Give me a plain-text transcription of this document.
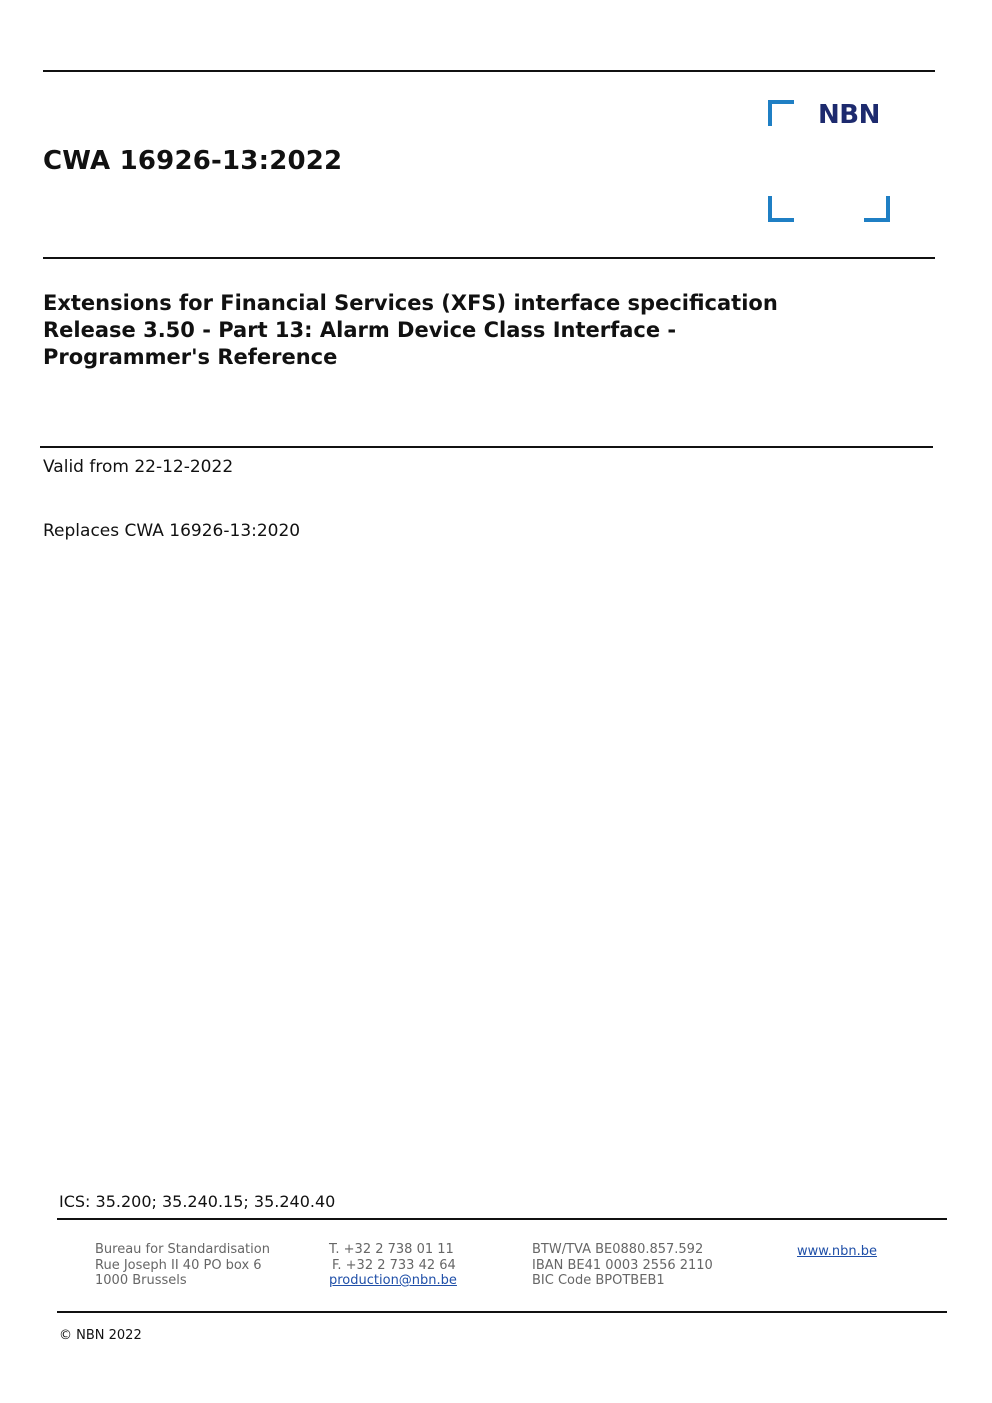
CWA 16926-13:2022
NBN
Extensions for Financial Services (XFS) interface specification
Release 3.50 - Part 13: Alarm Device Class Interface -
Programmer's Reference

Valid from 22-12-2022

Replaces CWA 16926-13:2020

ICS: 35.200; 35.240.15; 35.240.40
Bureau for Standardisation
Rue Joseph II 40 PO box 6
1000 Brussels
T. +32 2 738 01 11
F. +32 2 733 42 64
production@nbn.be
BTW/TVA BE0880.857.592
IBAN BE41 0003 2556 2110
BIC Code BPOTBEB1
www.nbn.be
© NBN 2022
